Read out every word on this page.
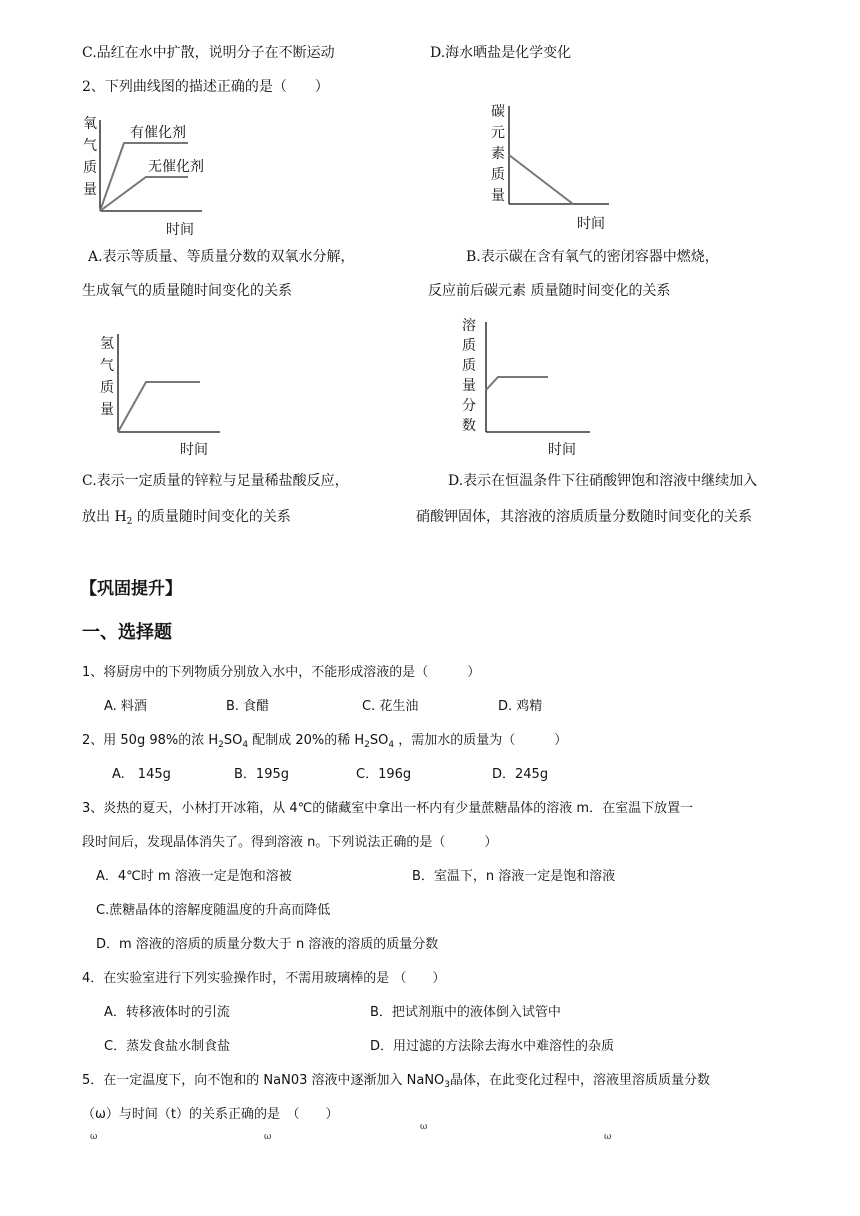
C.品红在水中扩散，说明分子在不断运动	D.海水晒盐是化学变化
2、下列曲线图的描述正确的是（　　）
氧
气
质
量
有催化剂
无催化剂
时间
碳
元
素
质
量
时间
A.表示等质量、等质量分数的双氧水分解，	B.表示碳在含有氧气的密闭容器中燃烧，
生成氧气的质量随时间变化的关系	反应前后碳元素 质量随时间变化的关系
氢
气
质
量
时间
溶
质
质
量
分
数
时间
C.表示一定质量的锌粒与足量稀盐酸反应，	D.表示在恒温条件下往硝酸钾饱和溶液中继续加入
放出 $H_2$ 的质量随时间变化的关系	硝酸钾固体，其溶液的溶质质量分数随时间变化的关系
【巩固提升】
一、选择题
1、将厨房中的下列物质分别放入水中，不能形成溶液的是（　　　）
A. 料酒	B. 食醋	C. 花生油	D. 鸡精
2、用 50g 98%的浓 $H_2SO_4$ 配制成 20%的稀 $H_2SO_4$ ，需加水的质量为（　　　）
A.　145g	B．195g	C．196g	D．245g
3、炎热的夏天，小林打开冰箱，从 4℃的储藏室中拿出一杯内有少量蔗糖晶体的溶液 m．在室温下放置一
段时间后，发现晶体消失了。得到溶液 n。下列说法正确的是（　　　）
A．4℃时 m 溶液一定是饱和溶被	B．室温下，n 溶液一定是饱和溶液
C.蔗糖晶体的溶解度随温度的升高而降低
D．m 溶液的溶质的质量分数大于 n 溶液的溶质的质量分数
4．在实验室进行下列实验操作时，不需用玻璃棒的是 （　　）
A．转移液体时的引流	B．把试剂瓶中的液体倒入试管中
C．蒸发食盐水制食盐	D．用过滤的方法除去海水中难溶性的杂质
5．在一定温度下，向不饱和的 NaN03 溶液中逐渐加入 NaNO$_3$晶体，在此变化过程中，溶液里溶质质量分数
（ω）与时间（t）的关系正确的是　（　　）
ω	ω
ω
ω
